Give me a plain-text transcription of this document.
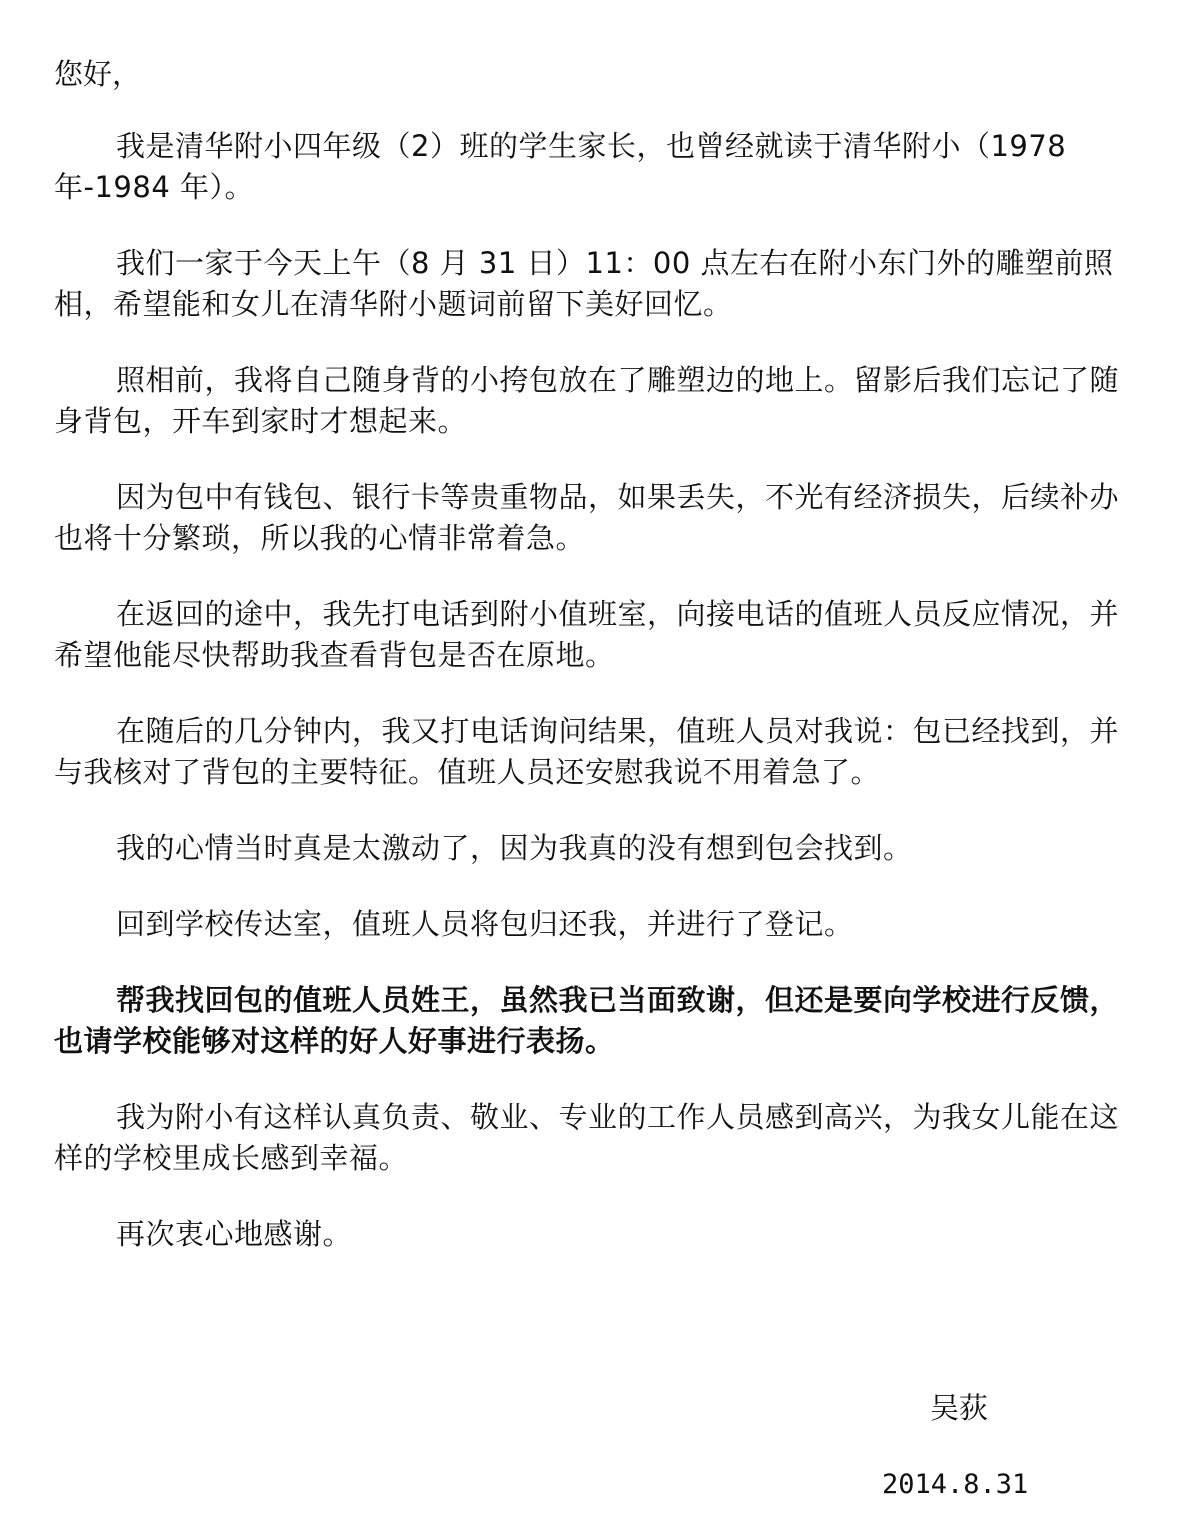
您好，

我是清华附小四年级（2）班的学生家长，也曾经就读于清华附小（1978 年-1984 年）。

我们一家于今天上午（8 月 31 日）11：00 点左右在附小东门外的雕塑前照相，希望能和女儿在清华附小题词前留下美好回忆。

照相前，我将自己随身背的小挎包放在了雕塑边的地上。留影后我们忘记了随身背包，开车到家时才想起来。

因为包中有钱包、银行卡等贵重物品，如果丢失，不光有经济损失，后续补办也将十分繁琐，所以我的心情非常着急。

在返回的途中，我先打电话到附小值班室，向接电话的值班人员反应情况，并希望他能尽快帮助我查看背包是否在原地。

在随后的几分钟内，我又打电话询问结果，值班人员对我说：包已经找到，并与我核对了背包的主要特征。值班人员还安慰我说不用着急了。

我的心情当时真是太激动了，因为我真的没有想到包会找到。

回到学校传达室，值班人员将包归还我，并进行了登记。

帮我找回包的值班人员姓王，虽然我已当面致谢，但还是要向学校进行反馈，也请学校能够对这样的好人好事进行表扬。

我为附小有这样认真负责、敬业、专业的工作人员感到高兴，为我女儿能在这样的学校里成长感到幸福。

再次衷心地感谢。

吴荻
2014.8.31
